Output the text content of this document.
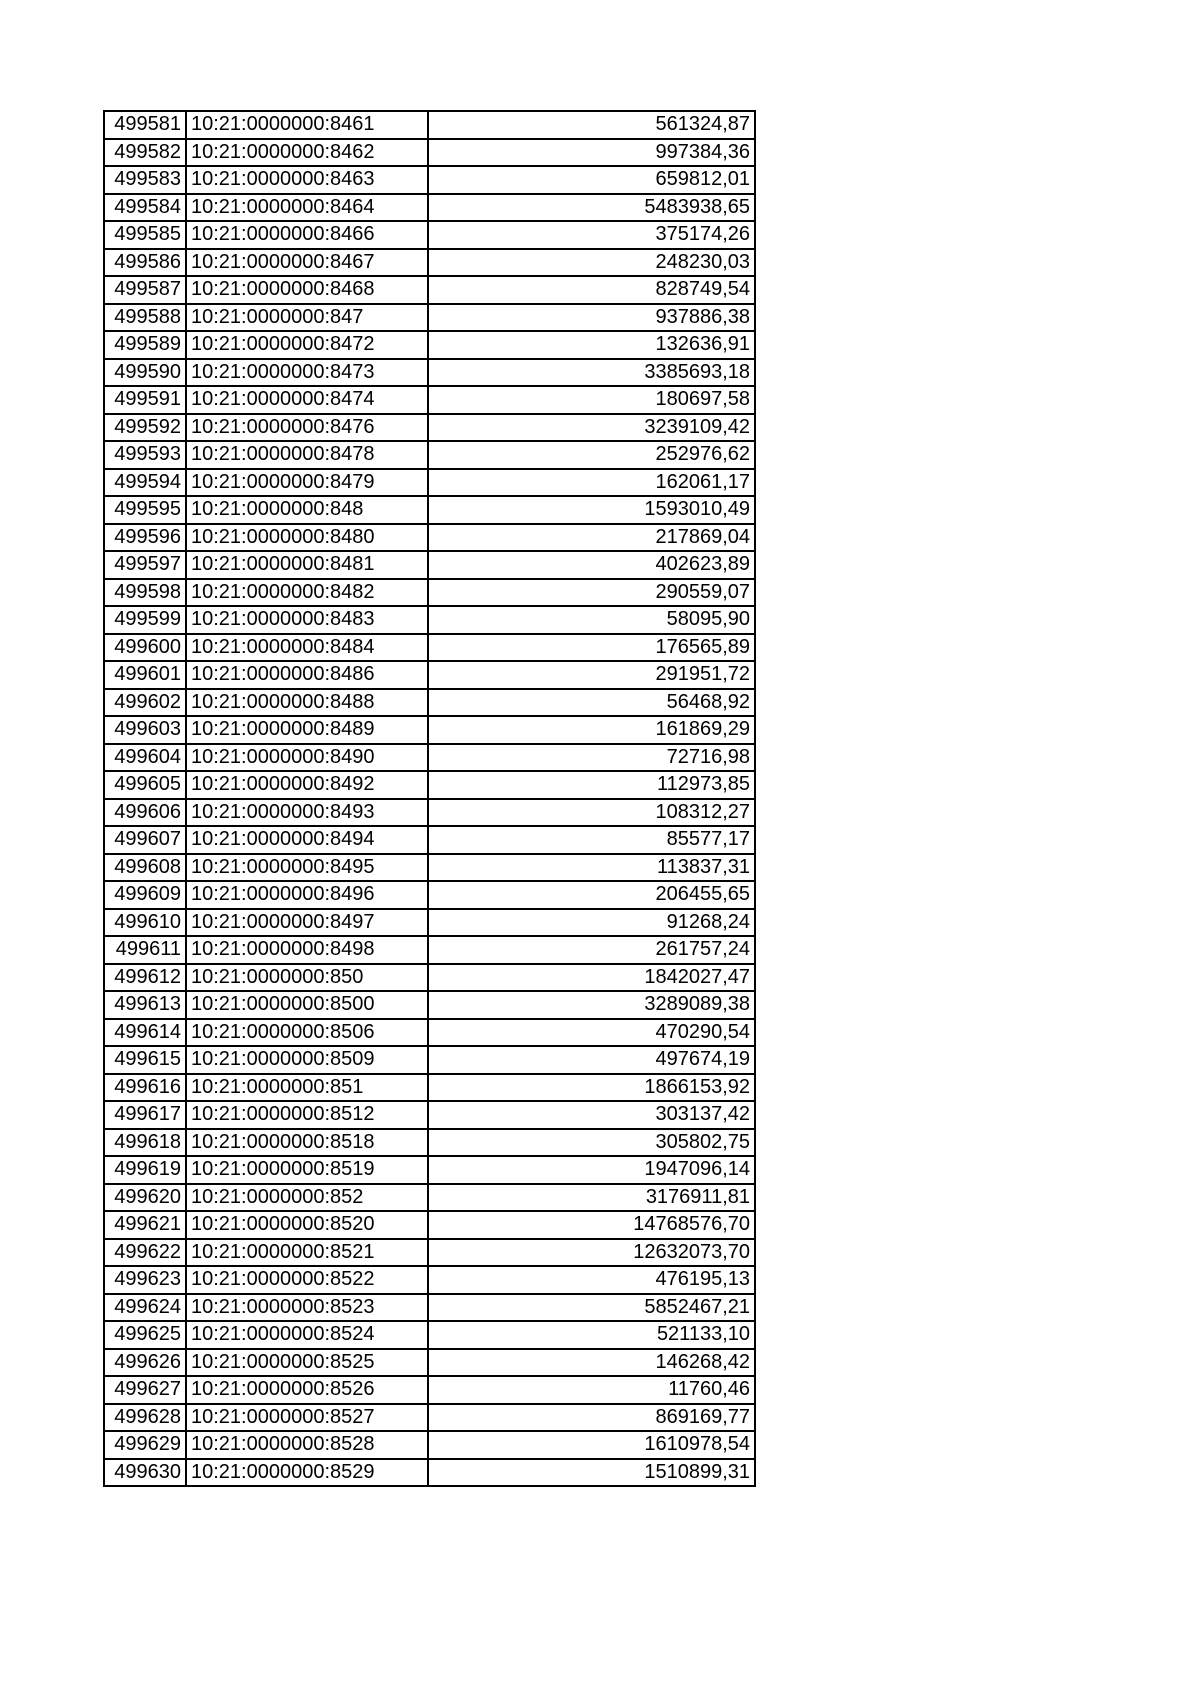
499581	10:21:0000000:8461	561324,87
499582	10:21:0000000:8462	997384,36
499583	10:21:0000000:8463	659812,01
499584	10:21:0000000:8464	5483938,65
499585	10:21:0000000:8466	375174,26
499586	10:21:0000000:8467	248230,03
499587	10:21:0000000:8468	828749,54
499588	10:21:0000000:847	937886,38
499589	10:21:0000000:8472	132636,91
499590	10:21:0000000:8473	3385693,18
499591	10:21:0000000:8474	180697,58
499592	10:21:0000000:8476	3239109,42
499593	10:21:0000000:8478	252976,62
499594	10:21:0000000:8479	162061,17
499595	10:21:0000000:848	1593010,49
499596	10:21:0000000:8480	217869,04
499597	10:21:0000000:8481	402623,89
499598	10:21:0000000:8482	290559,07
499599	10:21:0000000:8483	58095,90
499600	10:21:0000000:8484	176565,89
499601	10:21:0000000:8486	291951,72
499602	10:21:0000000:8488	56468,92
499603	10:21:0000000:8489	161869,29
499604	10:21:0000000:8490	72716,98
499605	10:21:0000000:8492	112973,85
499606	10:21:0000000:8493	108312,27
499607	10:21:0000000:8494	85577,17
499608	10:21:0000000:8495	113837,31
499609	10:21:0000000:8496	206455,65
499610	10:21:0000000:8497	91268,24
499611	10:21:0000000:8498	261757,24
499612	10:21:0000000:850	1842027,47
499613	10:21:0000000:8500	3289089,38
499614	10:21:0000000:8506	470290,54
499615	10:21:0000000:8509	497674,19
499616	10:21:0000000:851	1866153,92
499617	10:21:0000000:8512	303137,42
499618	10:21:0000000:8518	305802,75
499619	10:21:0000000:8519	1947096,14
499620	10:21:0000000:852	3176911,81
499621	10:21:0000000:8520	14768576,70
499622	10:21:0000000:8521	12632073,70
499623	10:21:0000000:8522	476195,13
499624	10:21:0000000:8523	5852467,21
499625	10:21:0000000:8524	521133,10
499626	10:21:0000000:8525	146268,42
499627	10:21:0000000:8526	11760,46
499628	10:21:0000000:8527	869169,77
499629	10:21:0000000:8528	1610978,54
499630	10:21:0000000:8529	1510899,31
